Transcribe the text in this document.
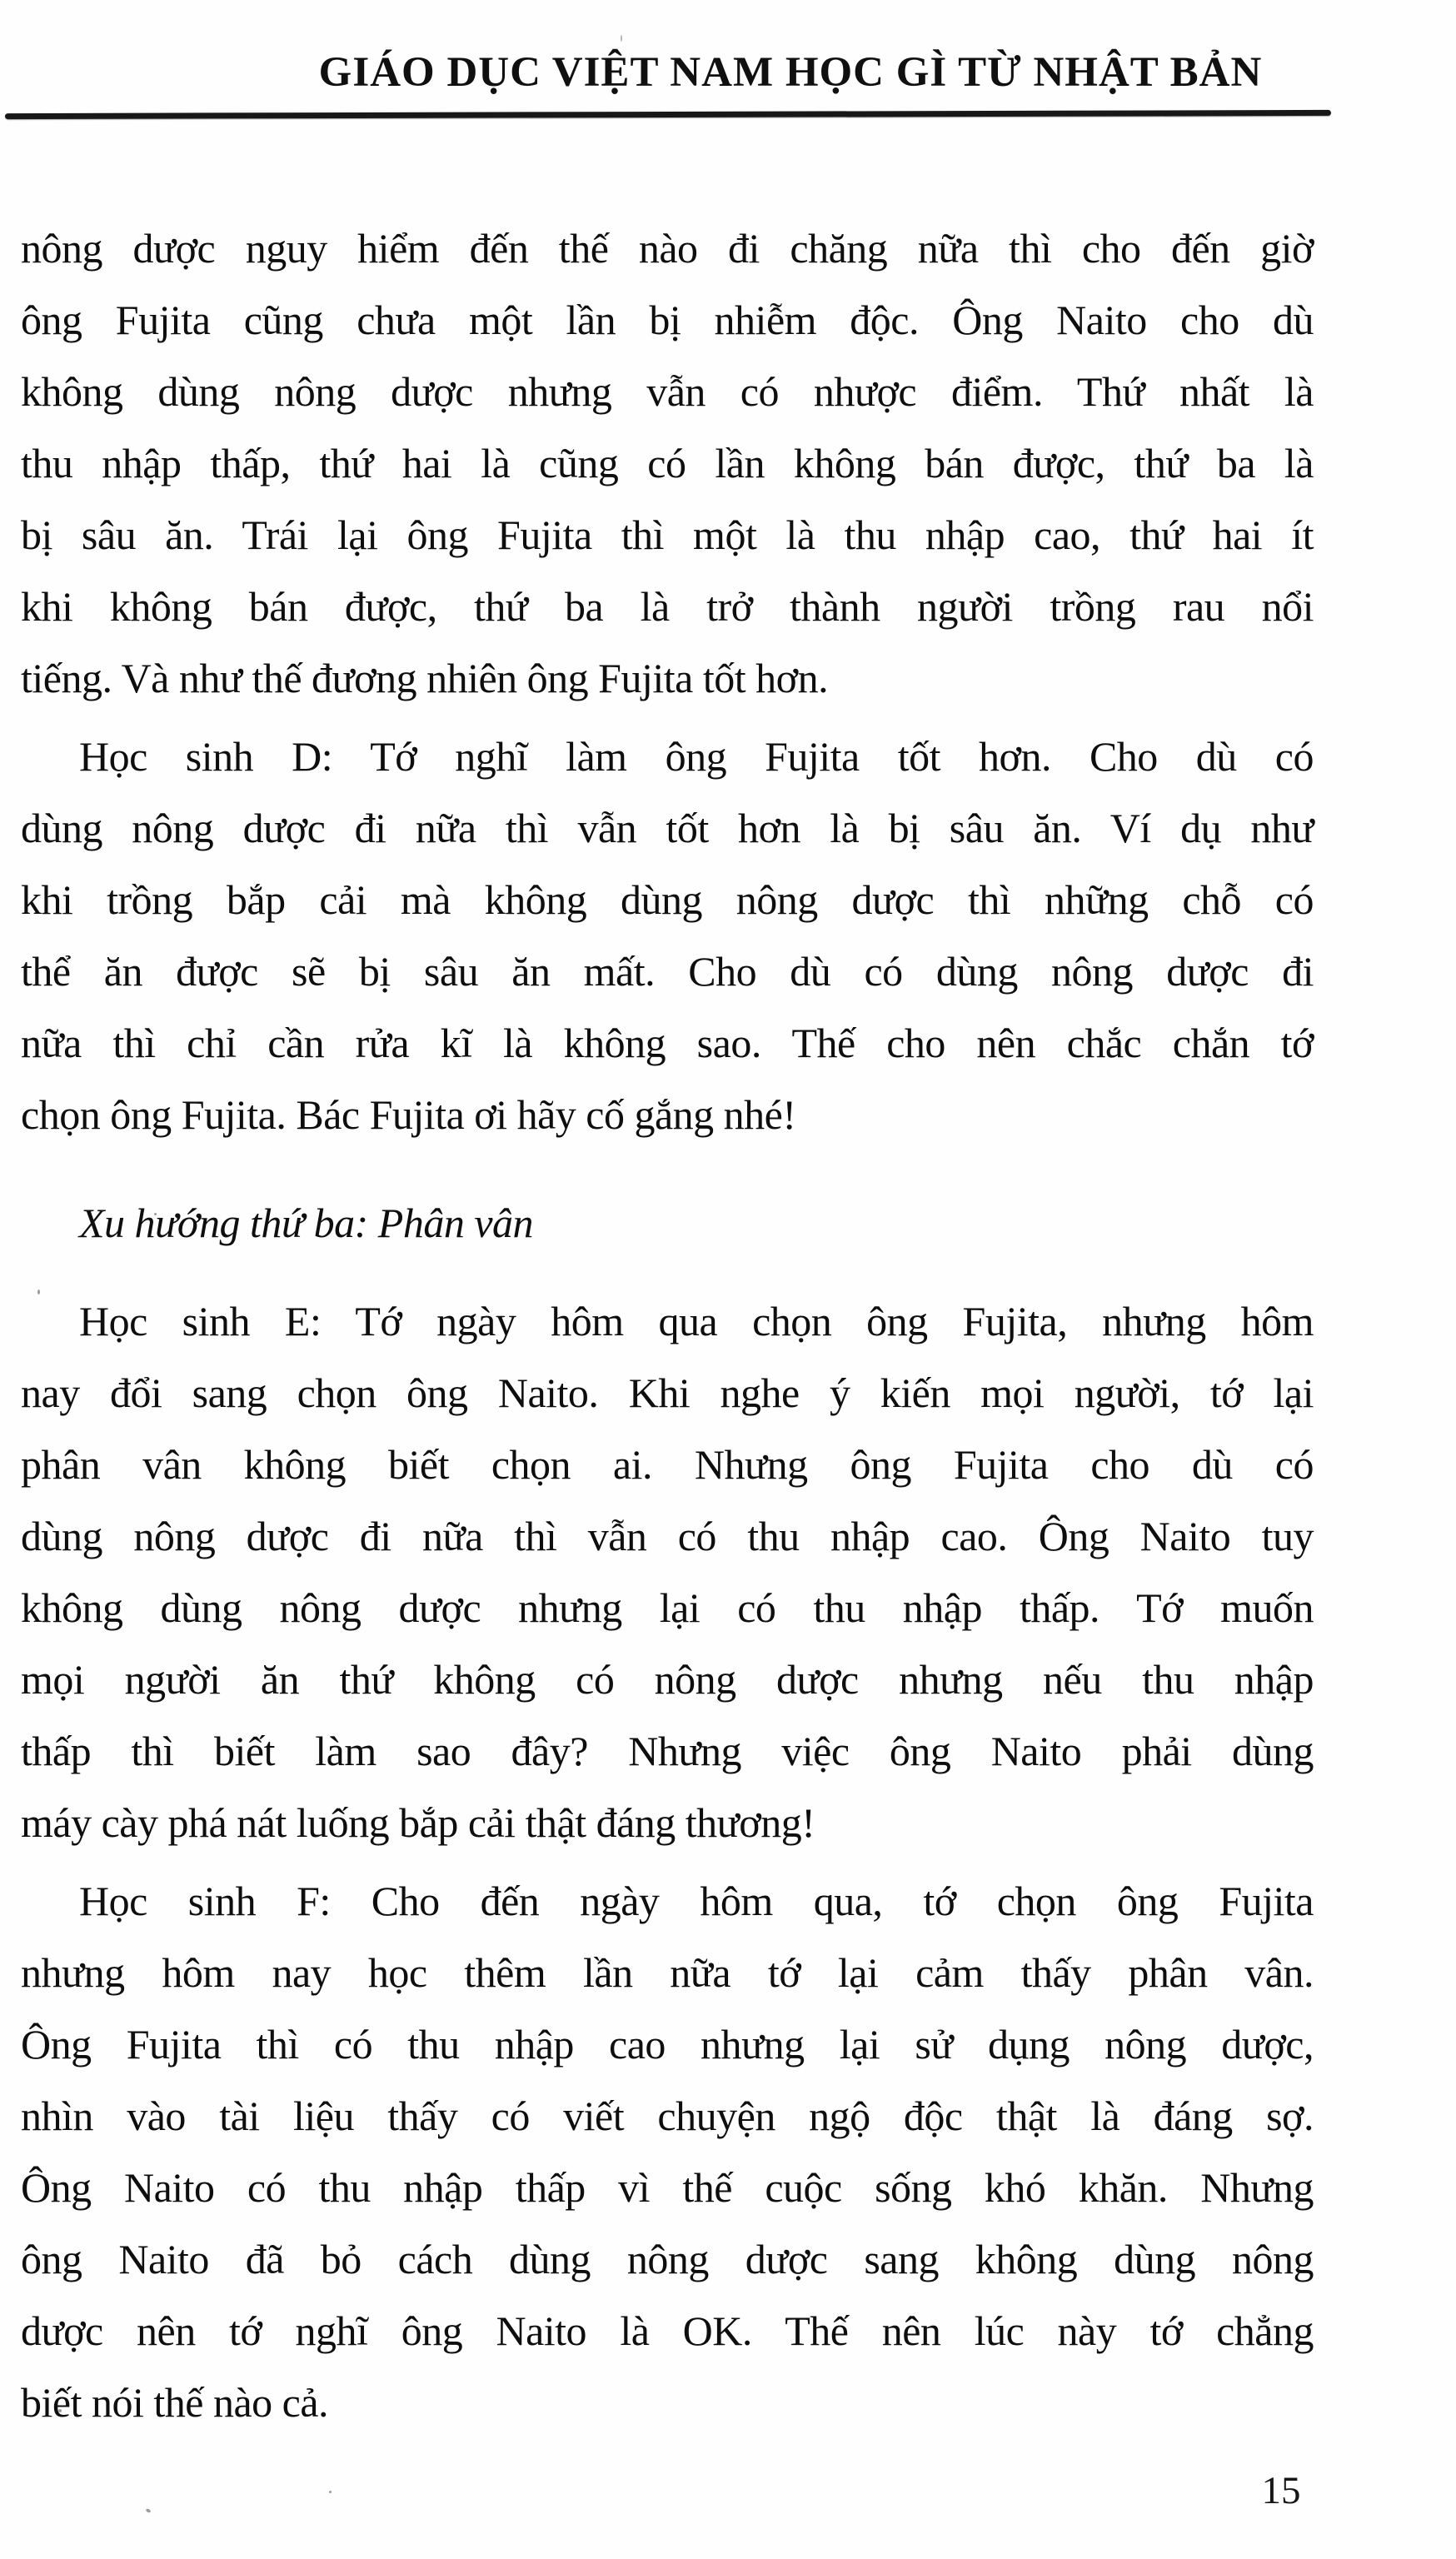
GIÁO DỤC VIỆT NAM HỌC GÌ TỪ NHẬT BẢN
nông dược nguy hiểm đến thế nào đi chăng nữa thì cho đến giờ
ông Fujita cũng chưa một lần bị nhiễm độc. Ông Naito cho dù
không dùng nông dược nhưng vẫn có nhược điểm. Thứ nhất là
thu nhập thấp, thứ hai là cũng có lần không bán được, thứ ba là
bị sâu ăn. Trái lại ông Fujita thì một là thu nhập cao, thứ hai ít
khi không bán được, thứ ba là trở thành người trồng rau nổi
tiếng. Và như thế đương nhiên ông Fujita tốt hơn.
Học sinh D: Tớ nghĩ làm ông Fujita tốt hơn. Cho dù có
dùng nông dược đi nữa thì vẫn tốt hơn là bị sâu ăn. Ví dụ như
khi trồng bắp cải mà không dùng nông dược thì những chỗ có
thể ăn được sẽ bị sâu ăn mất. Cho dù có dùng nông dược đi
nữa thì chỉ cần rửa kĩ là không sao. Thế cho nên chắc chắn tớ
chọn ông Fujita. Bác Fujita ơi hãy cố gắng nhé!
Xu hướng thứ ba: Phân vân
Học sinh E: Tớ ngày hôm qua chọn ông Fujita, nhưng hôm
nay đổi sang chọn ông Naito. Khi nghe ý kiến mọi người, tớ lại
phân vân không biết chọn ai. Nhưng ông Fujita cho dù có
dùng nông dược đi nữa thì vẫn có thu nhập cao. Ông Naito tuy
không dùng nông dược nhưng lại có thu nhập thấp. Tớ muốn
mọi người ăn thứ không có nông dược nhưng nếu thu nhập
thấp thì biết làm sao đây? Nhưng việc ông Naito phải dùng
máy cày phá nát luống bắp cải thật đáng thương!
Học sinh F: Cho đến ngày hôm qua, tớ chọn ông Fujita
nhưng hôm nay học thêm lần nữa tớ lại cảm thấy phân vân.
Ông Fujita thì có thu nhập cao nhưng lại sử dụng nông dược,
nhìn vào tài liệu thấy có viết chuyện ngộ độc thật là đáng sợ.
Ông Naito có thu nhập thấp vì thế cuộc sống khó khăn. Nhưng
ông Naito đã bỏ cách dùng nông dược sang không dùng nông
dược nên tớ nghĩ ông Naito là OK. Thế nên lúc này tớ chẳng
biết nói thế nào cả.
15
